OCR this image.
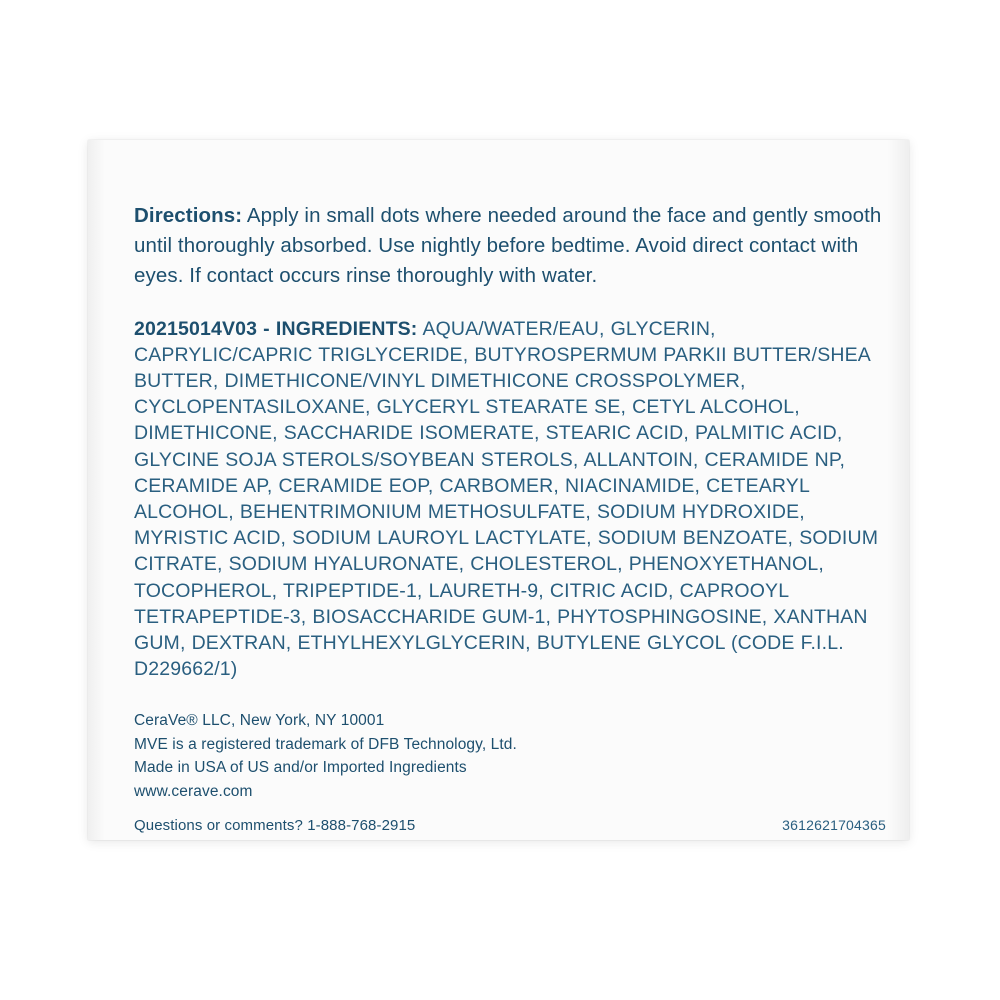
Directions: Apply in small dots where needed around the face and gently smooth until thoroughly absorbed. Use nightly before bedtime. Avoid direct contact with eyes. If contact occurs rinse thoroughly with water.

20215014V03 - INGREDIENTS: AQUA/WATER/EAU, GLYCERIN, CAPRYLIC/CAPRIC TRIGLYCERIDE, BUTYROSPERMUM PARKII BUTTER/SHEA BUTTER, DIMETHICONE/VINYL DIMETHICONE CROSSPOLYMER, CYCLOPENTASILOXANE, GLYCERYL STEARATE SE, CETYL ALCOHOL, DIMETHICONE, SACCHARIDE ISOMERATE, STEARIC ACID, PALMITIC ACID, GLYCINE SOJA STEROLS/SOYBEAN STEROLS, ALLANTOIN, CERAMIDE NP, CERAMIDE AP, CERAMIDE EOP, CARBOMER, NIACINAMIDE, CETEARYL ALCOHOL, BEHENTRIMONIUM METHOSULFATE, SODIUM HYDROXIDE, MYRISTIC ACID, SODIUM LAUROYL LACTYLATE, SODIUM BENZOATE, SODIUM CITRATE, SODIUM HYALURONATE, CHOLESTEROL, PHENOXYETHANOL, TOCOPHEROL, TRIPEPTIDE-1, LAURETH-9, CITRIC ACID, CAPROOYL TETRAPEPTIDE-3, BIOSACCHARIDE GUM-1, PHYTOSPHINGOSINE, XANTHAN GUM, DEXTRAN, ETHYLHEXYLGLYCERIN, BUTYLENE GLYCOL (CODE F.I.L. D229662/1)

CeraVe® LLC, New York, NY 10001
MVE is a registered trademark of DFB Technology, Ltd.
Made in USA of US and/or Imported Ingredients
www.cerave.com
Questions or comments? 1-888-768-2915	3612621704365
